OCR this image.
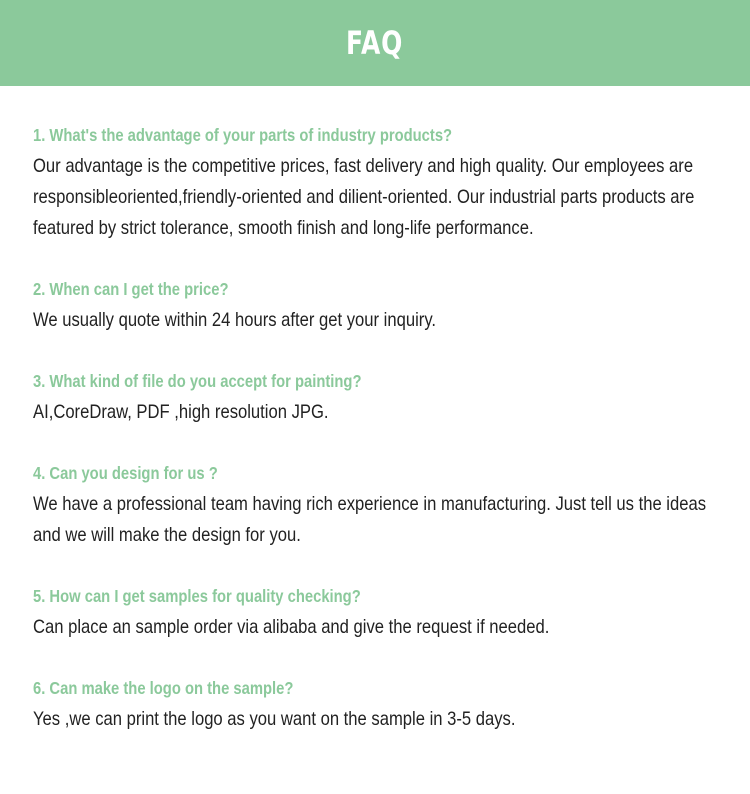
FAQ
1. What's the advantage of your parts of industry products? Our advantage is the competitive prices, fast delivery and high quality. Our employees are responsibleoriented,friendly-oriented and dilient-oriented. Our industrial parts products are featured by strict tolerance, smooth finish and long-life performance.
2. When can I get the price? We usually quote within 24 hours after get your inquiry.
3. What kind of file do you accept for painting? AI,CoreDraw, PDF ,high resolution JPG.
4. Can you design for us ? We have a professional team having rich experience in manufacturing. Just tell us the ideas and we will make the design for you.
5. How can I get samples for quality checking? Can place an sample order via alibaba and give the request if needed.
6. Can make the logo on the sample? Yes ,we can print the logo as you want on the sample in 3-5 days.
